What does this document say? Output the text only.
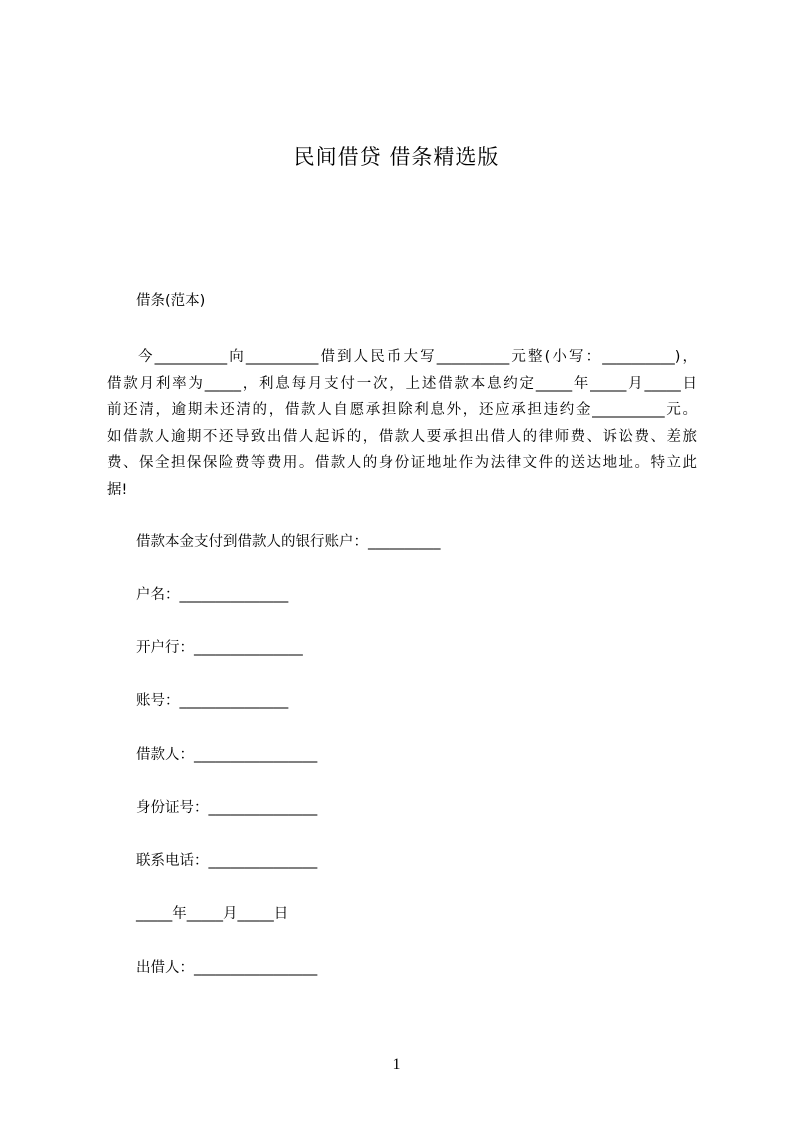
民间借贷 借条精选版
借条(范本)
今__________向__________借到人民币大写__________元整(小写：__________)，
借款月利率为_____，利息每月支付一次，上述借款本息约定_____年_____月_____日
前还清，逾期未还清的，借款人自愿承担除利息外，还应承担违约金__________元。
如借款人逾期不还导致出借人起诉的，借款人要承担出借人的律师费、诉讼费、差旅
费、保全担保保险费等费用。借款人的身份证地址作为法律文件的送达地址。特立此
据!
借款本金支付到借款人的银行账户：__________
户名：_______________
开户行：_______________
账号：_______________
借款人：_________________
身份证号：_______________
联系电话：_______________
_____年_____月_____日
出借人：_________________
1
